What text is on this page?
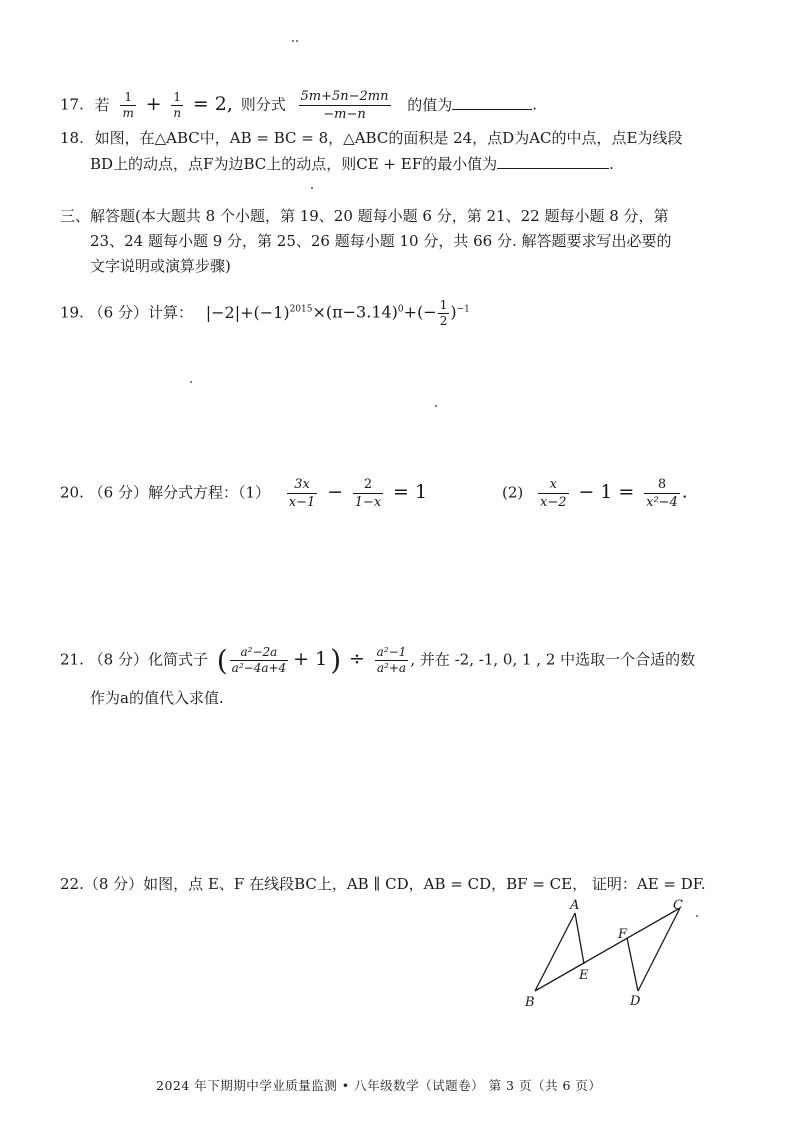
17. 若 $\frac{1}{m} + \frac{1}{n} = 2$, 则分式 $\frac{5m+5n-2mn}{-m-n}$ 的值为	.
18. 如图，在△ABC中，AB = BC = 8，△ABC的面积是 24，点D为AC的中点，点E为线段
BD上的动点，点F为边BC上的动点，则CE + EF的最小值为	.
三、解答题(本大题共 8 个小题，第 19、20 题每小题 6 分，第 21、22 题每小题 8 分，第
23、24 题每小题 9 分，第 25、26 题每小题 10 分，共 66 分. 解答题要求写出必要的
文字说明或演算步骤)
19. （6 分）计算： $|-2|+(-1)^{2015}\times(\pi-3.14)^0+(- \frac{1}{2} )^{-1}$
20. （6 分）解分式方程：$(1) \frac{3x}{x-1} - \frac{2}{1-x} = 1$	$(2) \frac{x}{x-2} - 1 = \frac{8}{\text{x²−4}}$ .
21. （8 分）化简式子 ( $\frac{\text{a²−2a}}{\text{a²−4a+4}} + 1$ ) ÷ $\frac{\text{a²−1}}{\text{a²+a}}$ , 并在 -2, -1, 0, 1 , 2 中选取一个合适的数
作为a的值代入求值.
22.（8 分）如图，点 E、F 在线段BC上，AB ∥ CD，AB = CD，BF = CE， 证明：AE = DF.
A
B
C
D
E
F
2024 年下期期中学业质量监测 • 八年级数学（试题卷） 第 3 页（共 6 页）
